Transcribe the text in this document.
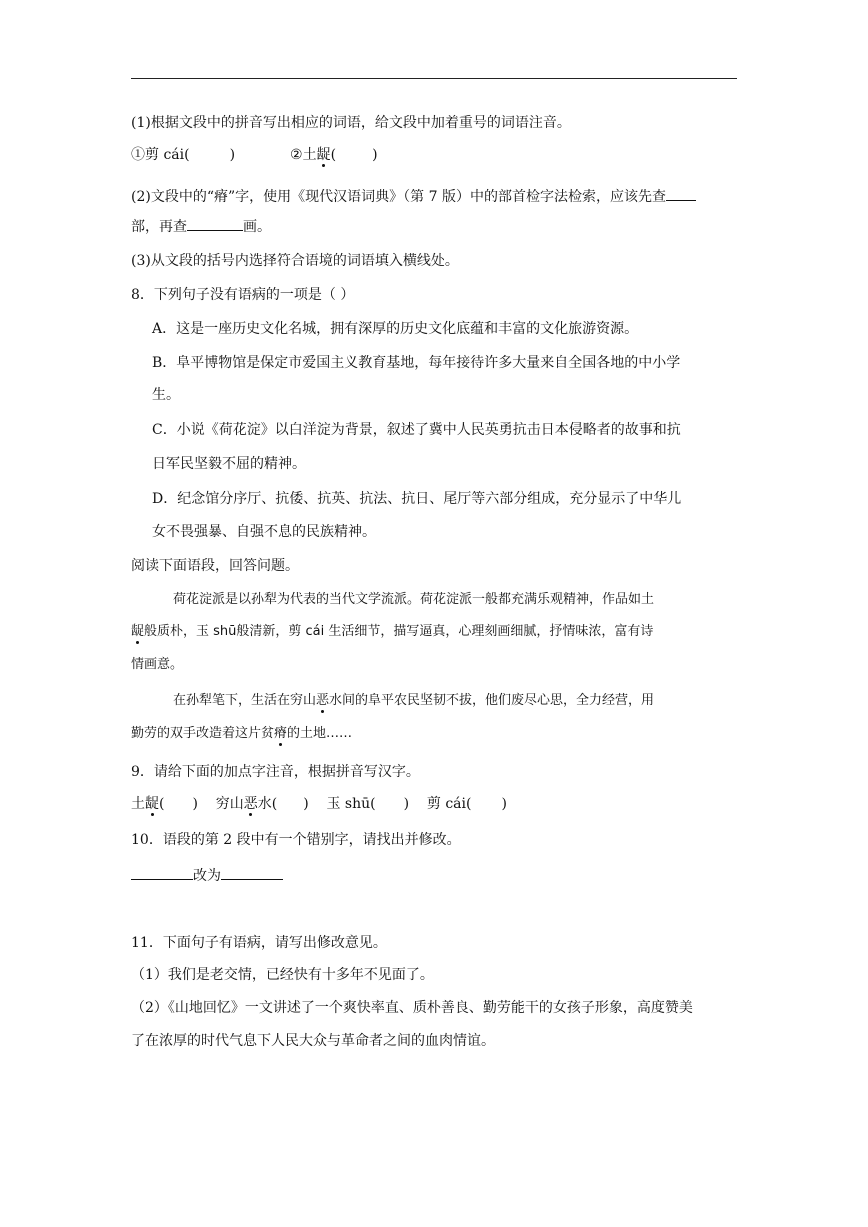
(1)根据文段中的拼音写出相应的词语，给文段中加着重号的词语注音。
①剪 cái(	)	②土龊(	)
(2)文段中的“瘠”字，使用《现代汉语词典》（第 7 版）中的部首检字法检索，应该先查
部，再查	画。
(3)从文段的括号内选择符合语境的词语填入横线处。
8．下列句子没有语病的一项是（ ）
A．这是一座历史文化名城，拥有深厚的历史文化底蕴和丰富的文化旅游资源。
B．阜平博物馆是保定市爱国主义教育基地，每年接待许多大量来自全国各地的中小学
生。
C．小说《荷花淀》以白洋淀为背景，叙述了冀中人民英勇抗击日本侵略者的故事和抗
日军民坚毅不屈的精神。
D．纪念馆分序厅、抗倭、抗英、抗法、抗日、尾厅等六部分组成，充分显示了中华儿
女不畏强暴、自强不息的民族精神。
阅读下面语段，回答问题。
荷花淀派是以孙犁为代表的当代文学流派。荷花淀派一般都充满乐观精神，作品如土
龊般质朴，玉 shū般清新，剪 cái 生活细节，描写逼真，心理刻画细腻，抒情味浓，富有诗
情画意。
在孙犁笔下，生活在穷山恶水间的阜平农民坚韧不拔，他们废尽心思，全力经营，用
勤劳的双手改造着这片贫瘠的土地……
9．请给下面的加点字注音，根据拼音写汉字。
土龊( )    穷山恶水( )    玉 shū( )    剪 cái( )
10．语段的第 2 段中有一个错别字，请找出并修改。
改为
11．下面句子有语病，请写出修改意见。
（1）我们是老交情，已经快有十多年不见面了。
（2）《山地回忆》一文讲述了一个爽快率直、质朴善良、勤劳能干的女孩子形象，高度赞美
了在浓厚的时代气息下人民大众与革命者之间的血肉情谊。
